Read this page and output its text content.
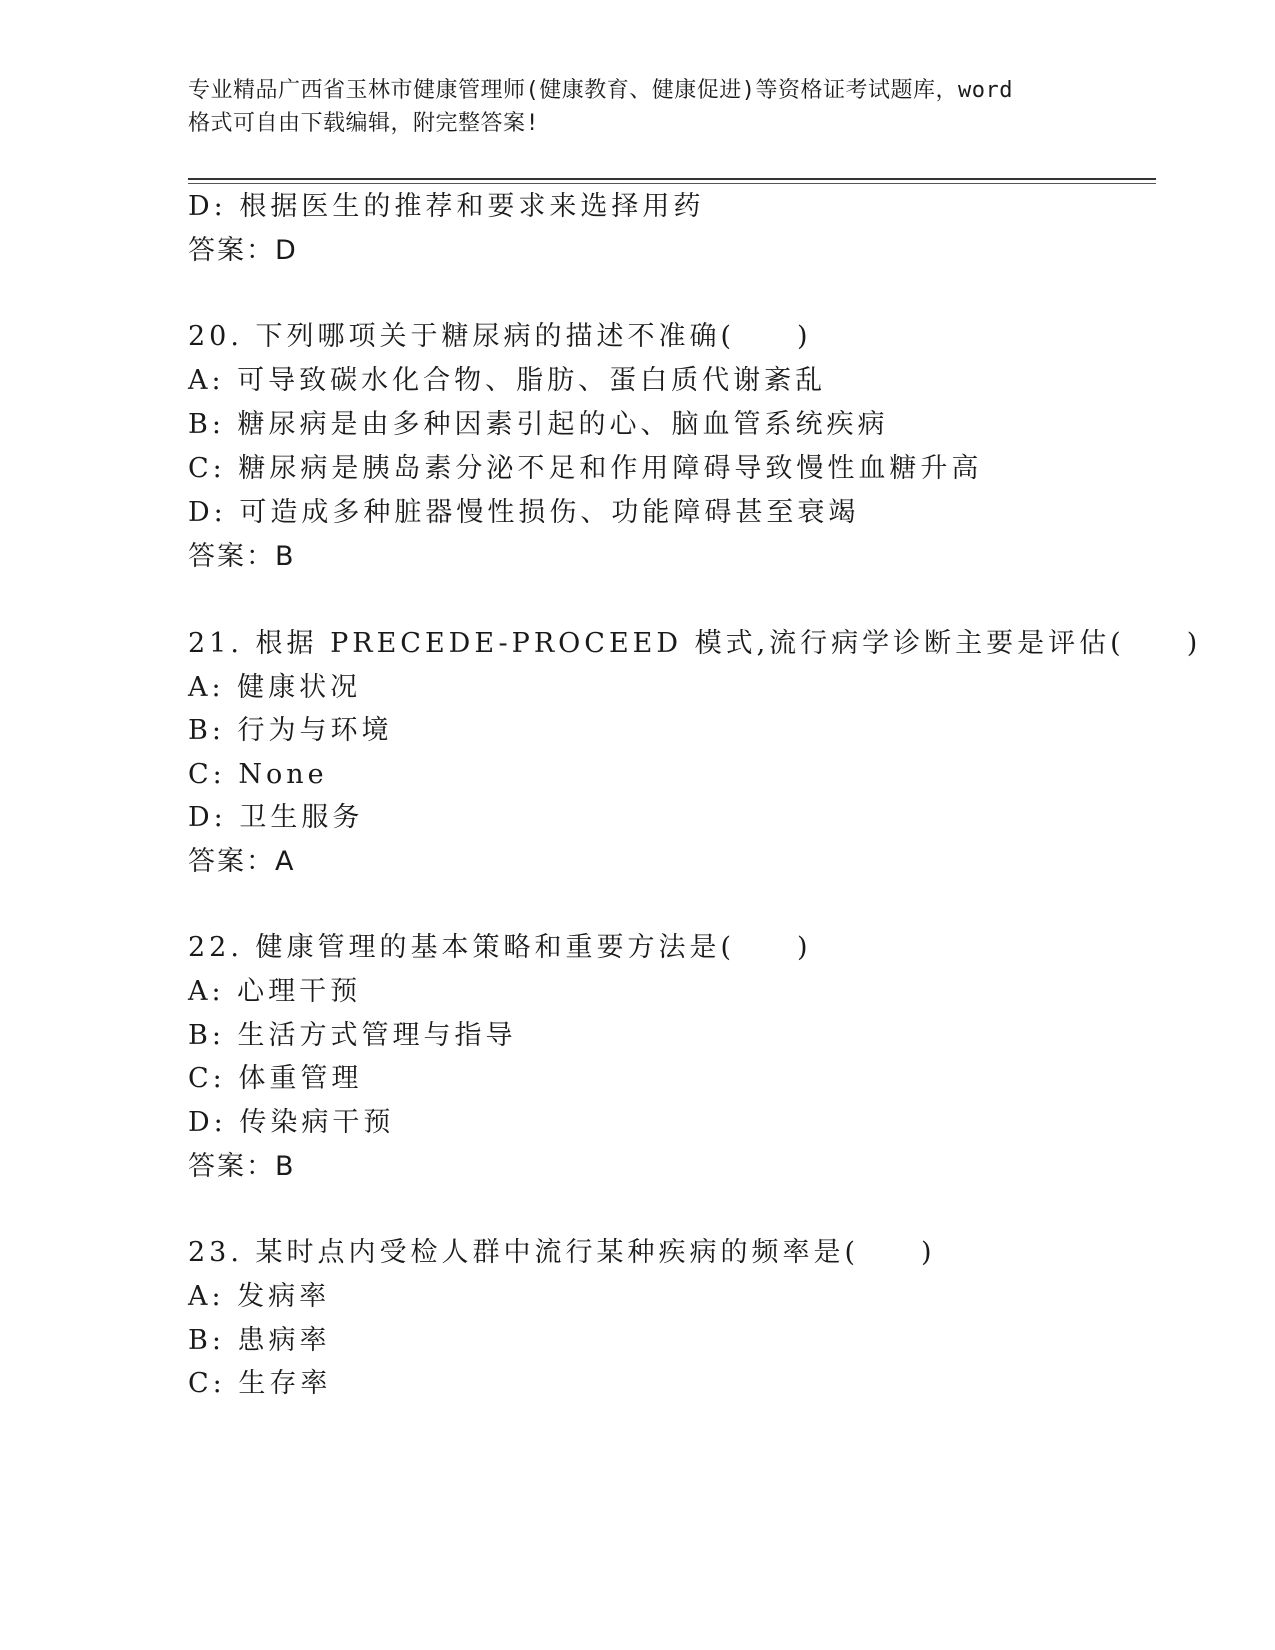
专业精品广西省玉林市健康管理师(健康教育、健康促进)等资格证考试题库，word
格式可自由下载编辑，附完整答案!
D: 根据医生的推荐和要求来选择用药
答案：D
20. 下列哪项关于糖尿病的描述不准确(　　)
A: 可导致碳水化合物、脂肪、蛋白质代谢紊乱
B: 糖尿病是由多种因素引起的心、脑血管系统疾病
C: 糖尿病是胰岛素分泌不足和作用障碍导致慢性血糖升高
D: 可造成多种脏器慢性损伤、功能障碍甚至衰竭
答案：B
21. 根据 PRECEDE-PROCEED 模式,流行病学诊断主要是评估(　　)
A: 健康状况
B: 行为与环境
C: None
D: 卫生服务
答案：A
22. 健康管理的基本策略和重要方法是(　　)
A: 心理干预
B: 生活方式管理与指导
C: 体重管理
D: 传染病干预
答案：B
23. 某时点内受检人群中流行某种疾病的频率是(　　)
A: 发病率
B: 患病率
C: 生存率
